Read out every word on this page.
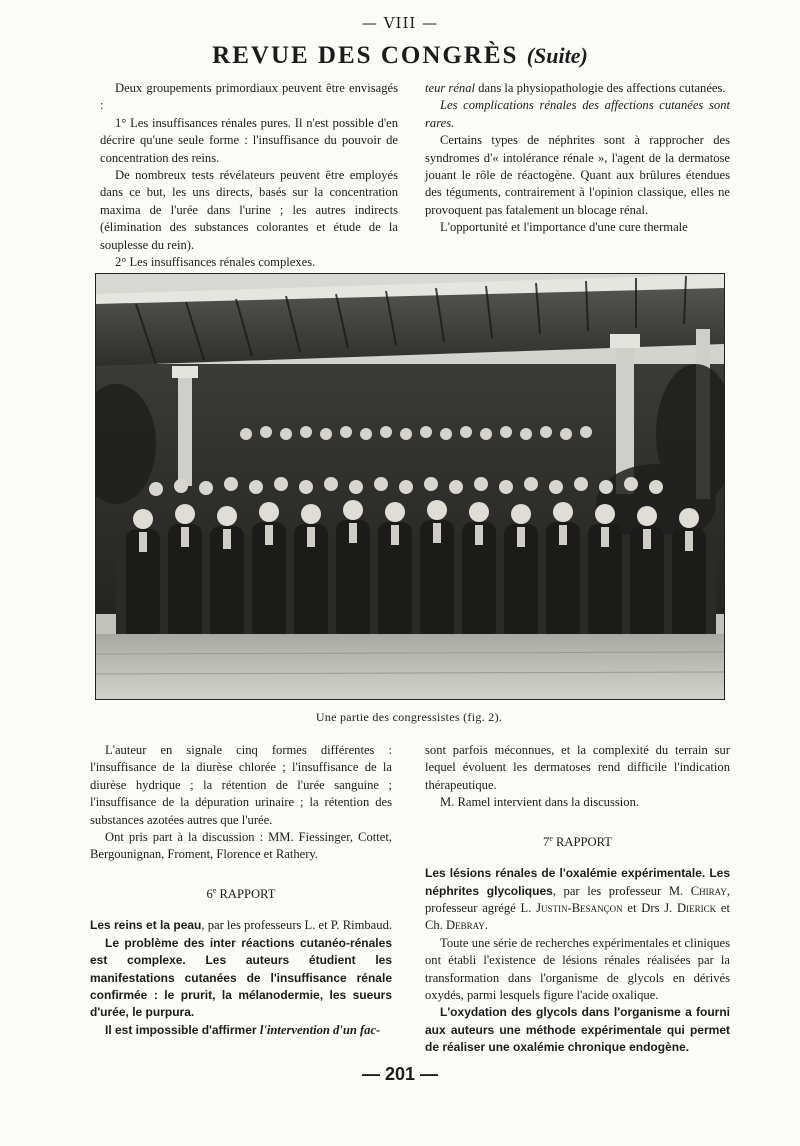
— VIII —
REVUE DES CONGRÈS (Suite)

Deux groupements primordiaux peuvent être envisagés :

1° Les insuffisances rénales pures. Il n'est possible d'en décrire qu'une seule forme : l'insuffisance du pouvoir de concentration des reins.

De nombreux tests révélateurs peuvent être employés dans ce but, les uns directs, basés sur la concentration maxima de l'urée dans l'urine ; les autres indirects (élimination des substances colorantes et étude de la souplesse du rein).

2° Les insuffisances rénales complexes.

teur rénal dans la physiopathologie des affections cutanées.

Les complications rénales des affections cutanées sont rares.

Certains types de néphrites sont à rapprocher des syndromes d'« intolérance rénale », l'agent de la dermatose jouant le rôle de réactogène. Quant aux brûlures étendues des téguments, contrairement à l'opinion classique, elles ne provoquent pas fatalement un blocage rénal.

L'opportunité et l'importance d'une cure thermale

Une partie des congressistes (fig. 2).

L'auteur en signale cinq formes différentes : l'insuffisance de la diurèse chlorée ; l'insuffisance de la diurèse hydrique ; la rétention de l'urée sanguine ; l'insuffisance de la dépuration urinaire ; la rétention des substances azotées autres que l'urée.

Ont pris part à la discussion : MM. Fiessinger, Cottet, Bergounignan, Froment, Florence et Rathery.

6e RAPPORT

Les reins et la peau, par les professeurs L. et P. Rimbaud.

Le problème des inter réactions cutanéo-rénales est complexe. Les auteurs étudient les manifestations cutanées de l'insuffisance rénale confirmée : le prurit, la mélanodermie, les sueurs d'urée, le purpura.

Il est impossible d'affirmer l'intervention d'un fac-

sont parfois méconnues, et la complexité du terrain sur lequel évoluent les dermatoses rend difficile l'indication thérapeutique.

M. Ramel intervient dans la discussion.

7e RAPPORT

Les lésions rénales de l'oxalémie expérimentale. Les néphrites glycoliques, par les professeur M. Chiray, professeur agrégé L. Justin-Besançon et Drs J. Dierick et Ch. Debray.

Toute une série de recherches expérimentales et cliniques ont établi l'existence de lésions rénales réalisées par la transformation dans l'organisme de glycols en dérivés oxydés, parmi lesquels figure l'acide oxalique.

L'oxydation des glycols dans l'organisme a fourni aux auteurs une méthode expérimentale qui permet de réaliser une oxalémie chronique endogène.

— 201 —
